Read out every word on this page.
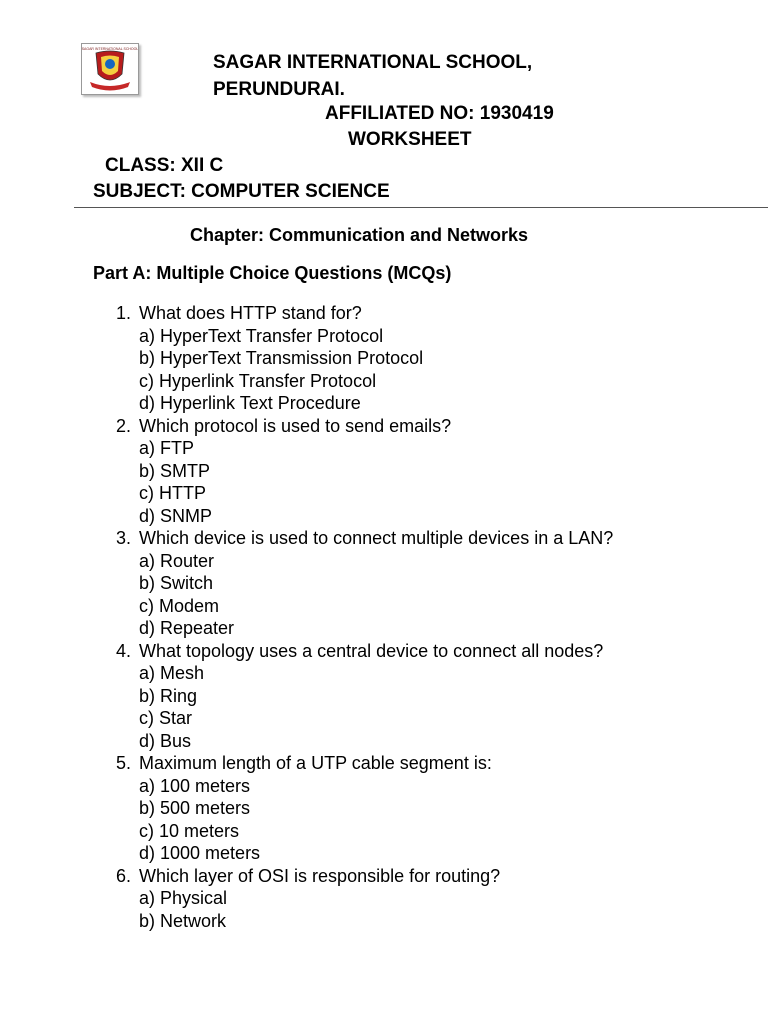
SAGAR INTERNATIONAL SCHOOL
SAGAR INTERNATIONAL SCHOOL,
PERUNDURAI.
AFFILIATED NO: 1930419
WORKSHEET
CLASS: XII C
SUBJECT: COMPUTER SCIENCE
Chapter: Communication and Networks
Part A: Multiple Choice Questions (MCQs)
1. What does HTTP stand for?
a) HyperText Transfer Protocol
b) HyperText Transmission Protocol
c) Hyperlink Transfer Protocol
d) Hyperlink Text Procedure
2. Which protocol is used to send emails?
a) FTP
b) SMTP
c) HTTP
d) SNMP
3. Which device is used to connect multiple devices in a LAN?
a) Router
b) Switch
c) Modem
d) Repeater
4. What topology uses a central device to connect all nodes?
a) Mesh
b) Ring
c) Star
d) Bus
5. Maximum length of a UTP cable segment is:
a) 100 meters
b) 500 meters
c) 10 meters
d) 1000 meters
6. Which layer of OSI is responsible for routing?
a) Physical
b) Network
